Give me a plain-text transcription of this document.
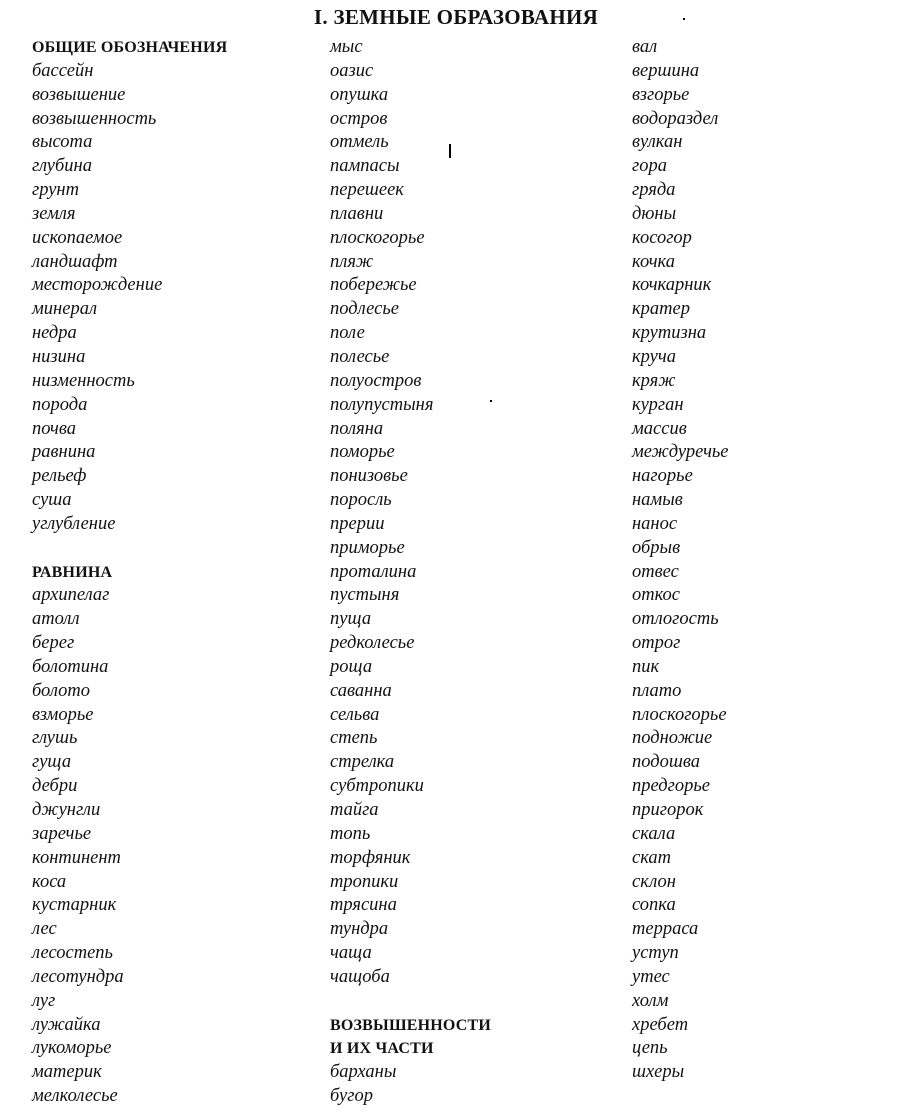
I. ЗЕМНЫЕ ОБРАЗОВАНИЯ
ОБЩИЕ ОБОЗНАЧЕНИЯ
бассейн
возвышение
возвышенность
высота
глубина
грунт
земля
ископаемое
ландшафт
месторождение
минерал
недра
низина
низменность
порода
почва
равнина
рельеф
суша
углубление
РАВНИНА
архипелаг
атолл
берег
болотина
болото
взморье
глушь
гуща
дебри
джунгли
заречье
континент
коса
кустарник
лес
лесостепь
лесотундра
луг
лужайка
лукоморье
материк
мелколесье
мыс
оазис
опушка
остров
отмель
пампасы
перешеек
плавни
плоскогорье
пляж
побережье
подлесье
поле
полесье
полуостров
полупустыня
поляна
поморье
понизовье
поросль
прерии
приморье
проталина
пустыня
пуща
редколесье
роща
саванна
сельва
степь
стрелка
субтропики
тайга
топь
торфяник
тропики
трясина
тундра
чаща
чащоба
ВОЗВЫШЕННОСТИ
И ИХ ЧАСТИ
барханы
бугор
вал
вершина
взгорье
водораздел
вулкан
гора
гряда
дюны
косогор
кочка
кочкарник
кратер
крутизна
круча
кряж
курган
массив
междуречье
нагорье
намыв
нанос
обрыв
отвес
откос
отлогость
отрог
пик
плато
плоскогорье
подножие
подошва
предгорье
пригорок
скала
скат
склон
сопка
терраса
уступ
утес
холм
хребет
цепь
шхеры
